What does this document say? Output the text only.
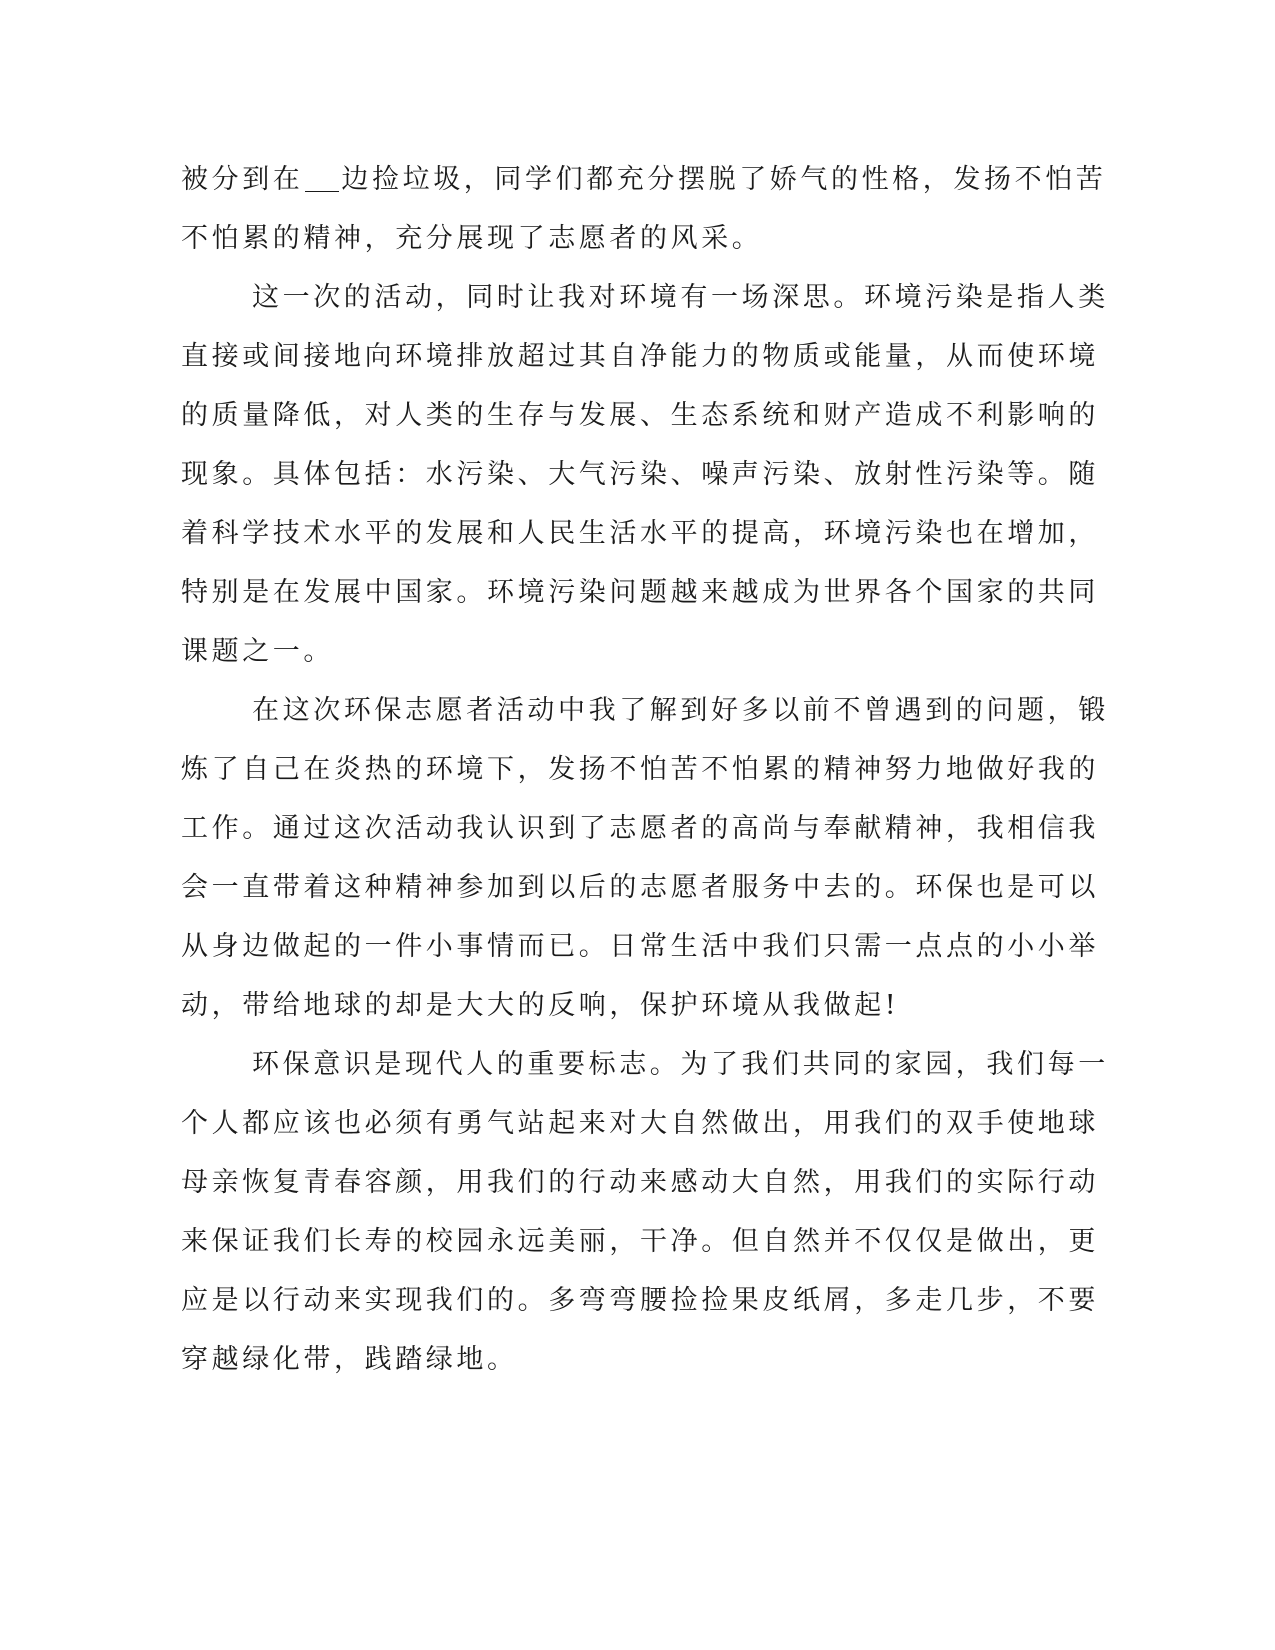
被分到在 边捡垃圾，同学们都充分摆脱了娇气的性格，发扬不怕苦
不怕累的精神，充分展现了志愿者的风采。
这一次的活动，同时让我对环境有一场深思。环境污染是指人类
直接或间接地向环境排放超过其自净能力的物质或能量，从而使环境
的质量降低，对人类的生存与发展、生态系统和财产造成不利影响的
现象。具体包括：水污染、大气污染、噪声污染、放射性污染等。随
着科学技术水平的发展和人民生活水平的提高，环境污染也在增加，
特别是在发展中国家。环境污染问题越来越成为世界各个国家的共同
课题之一。
在这次环保志愿者活动中我了解到好多以前不曾遇到的问题，锻
炼了自己在炎热的环境下，发扬不怕苦不怕累的精神努力地做好我的
工作。通过这次活动我认识到了志愿者的高尚与奉献精神，我相信我
会一直带着这种精神参加到以后的志愿者服务中去的。环保也是可以
从身边做起的一件小事情而已。日常生活中我们只需一点点的小小举
动，带给地球的却是大大的反响，保护环境从我做起!
环保意识是现代人的重要标志。为了我们共同的家园，我们每一
个人都应该也必须有勇气站起来对大自然做出，用我们的双手使地球
母亲恢复青春容颜，用我们的行动来感动大自然，用我们的实际行动
来保证我们长寿的校园永远美丽，干净。但自然并不仅仅是做出，更
应是以行动来实现我们的。多弯弯腰捡捡果皮纸屑，多走几步，不要
穿越绿化带，践踏绿地。
